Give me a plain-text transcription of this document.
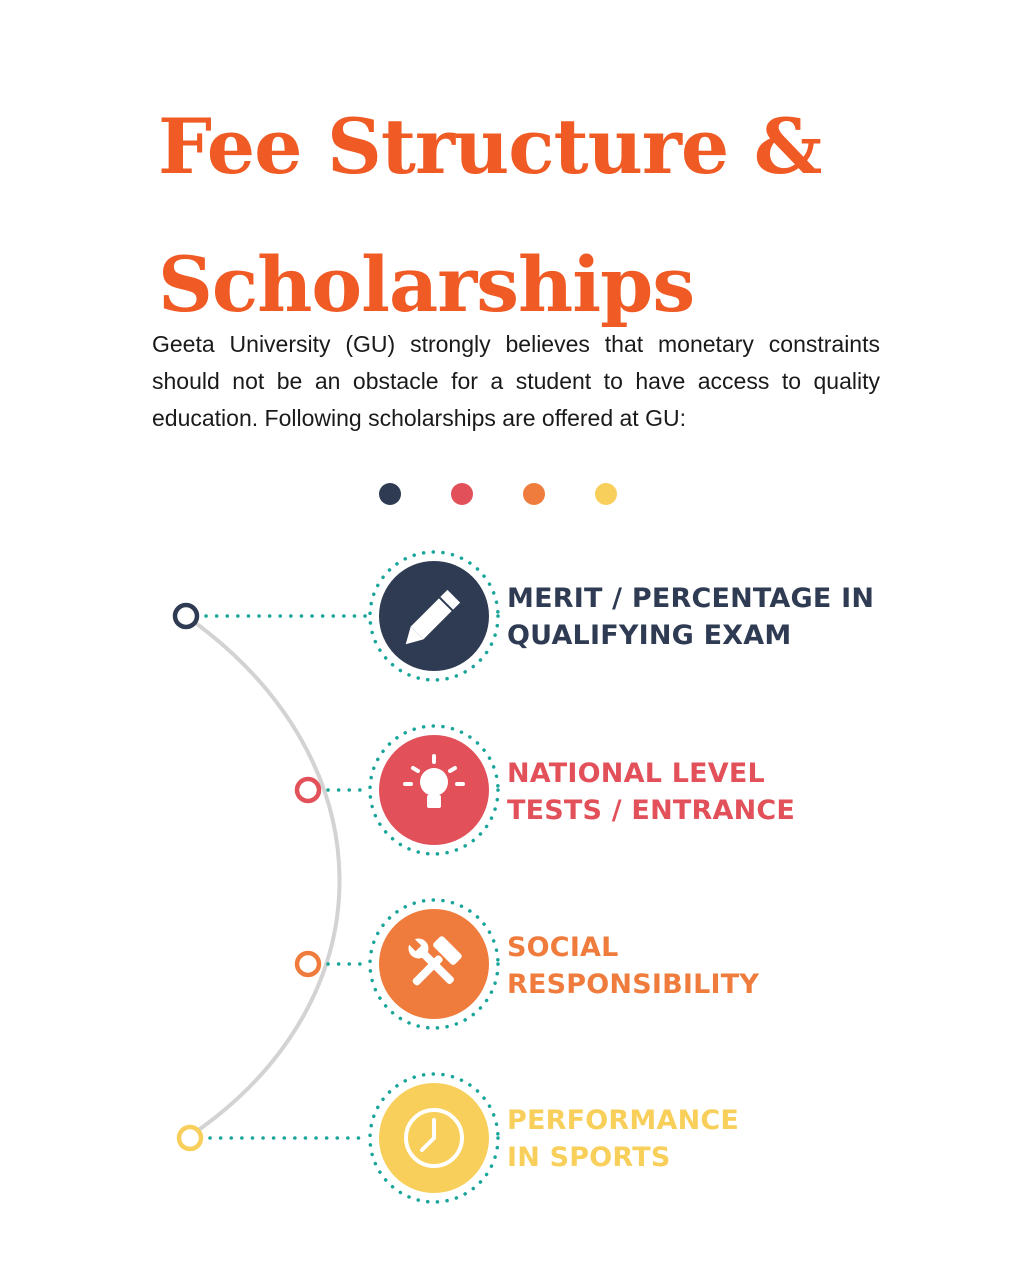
Fee Structure &
Scholarships

Geeta University (GU) strongly believes that monetary constraints should not be an obstacle for a student to have access to quality education. Following scholarships are offered at GU:

MERIT / PERCENTAGE IN
QUALIFYING EXAM
NATIONAL LEVEL
TESTS / ENTRANCE
SOCIAL
RESPONSIBILITY
PERFORMANCE
IN SPORTS
